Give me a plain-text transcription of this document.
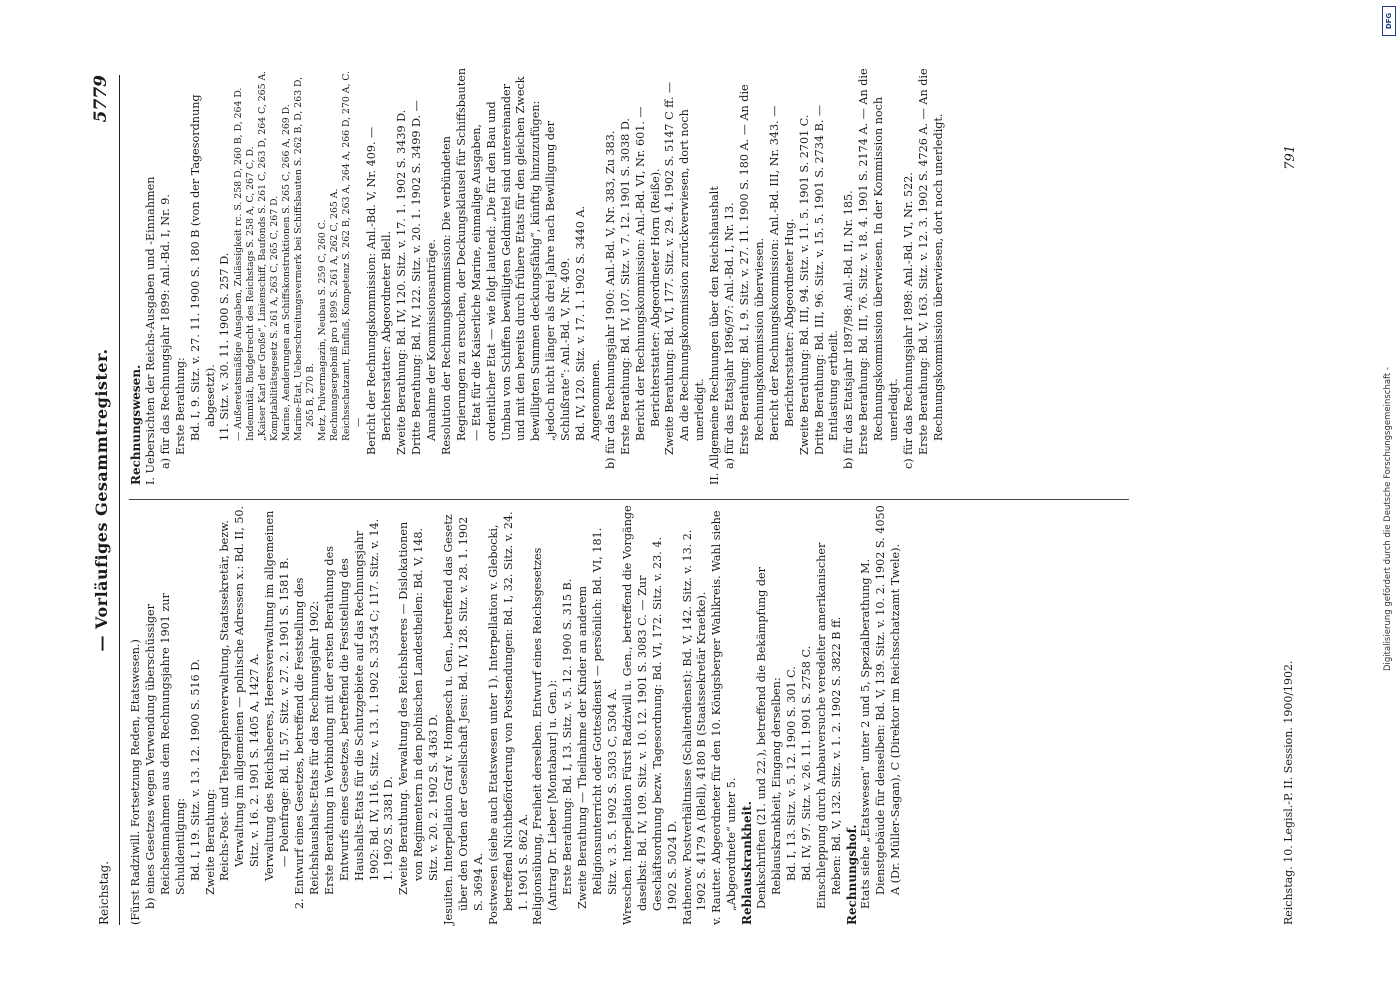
Reichstag.
— Vorläufiges Gesammtregister.
5779

(Fürst Radziwill. Fortsetzung Reden, Etatswesen.) b) eines Gesetzes wegen Verwendung überschüssiger Reichseinnahmen aus dem Rechnungsjahre 1901 zur Schuldentilgung: Bd. I, 19. Sitz. v. 13. 12. 1900 S. 516 D. Zweite Berathung: Reichs-Post- und Telegraphenverwaltung, Staatssekretär, bezw. Verwaltung im allgemeinen — polnische Adressen x.: Bd. II, 50. Sitz. v. 16. 2. 1901 S. 1405 A, 1427 A. Verwaltung des Reichsheeres, Heeresverwaltung im allgemeinen — Polenfrage: Bd. II, 57. Sitz. v. 27. 2. 1901 S. 1581 B. 2. Entwurf eines Gesetzes, betreffend die Feststellung des Reichshaushalts-Etats für das Rechnungsjahr 1902: Erste Berathung in Verbindung mit der ersten Berathung des Entwurfs eines Gesetzes, betreffend die Feststellung des Haushalts-Etats für die Schutzgebiete auf das Rechnungsjahr 1902: Bd. IV, 116. Sitz. v. 13. 1. 1902 S. 3354 C; 117. Sitz. v. 14. 1. 1902 S. 3381 D. Zweite Berathung. Verwaltung des Reichsheeres — Dislokationen von Regimentern in den polnischen Landestheilen: Bd. V, 148. Sitz. v. 20. 2. 1902 S. 4363 D. Jesuiten. Interpellation Graf v. Hompesch u. Gen., betreffend das Gesetz über den Orden der Gesellschaft Jesu: Bd. IV, 128. Sitz. v. 28. 1. 1902 S. 3694 A. Postwesen (siehe auch Etatswesen unter 1). Interpellation v. Glebocki, betreffend Nichtbeförderung von Postsendungen: Bd. I, 32. Sitz. v. 24. 1. 1901 S. 862 A. Religionsübung, Freiheit derselben. Entwurf eines Reichsgesetzes (Antrag Dr. Lieber [Montabaur] u. Gen.): Erste Berathung: Bd. I, 13. Sitz. v. 5. 12. 1900 S. 315 B. Zweite Berathung — Theilnahme der Kinder an anderem Religionsunterricht oder Gottesdienst — persönlich: Bd. VI, 181. Sitz. v. 3. 5. 1902 S. 5303 C, 5304 A. Wreschen. Interpellation Fürst Radziwill u. Gen., betreffend die Vorgänge daselbst: Bd. IV, 109. Sitz. v. 10. 12. 1901 S. 3083 C. — Zur Geschäftsordnung bezw. Tagesordnung: Bd. VI, 172. Sitz. v. 23. 4. 1902 S. 5024 D. Rathenow. Postverhältnisse (Schalterdienst): Bd. V, 142. Sitz. v. 13. 2. 1902 S. 4179 A (Blell), 4180 B (Staatssekretär Kraetke). v. Rautter. Abgeordneter für den 10. Königsberger Wahlkreis. Wahl siehe „Abgeordnete“ unter 5. Reblauskrankheit. Denkschriften (21. und 22.), betreffend die Bekämpfung der Reblauskrankheit, Eingang derselben: Bd. I, 13. Sitz. v. 5. 12. 1900 S. 301 C. Bd. IV, 97. Sitz. v. 26. 11. 1901 S. 2758 C. Einschleppung durch Anbauversuche veredelter amerikanischer Reben: Bd. V, 132. Sitz. v. 1. 2. 1902 S. 3822 B ff. Rechnungshof. Etats siehe „Etatswesen“ unter 2 und 5, Spezialberathung M. Dienstgebäude für denselben: Bd. V, 139. Sitz. v. 10. 2. 1902 S. 4050 A (Dr. Müller-Sagan), C (Direktor im Reichsschatzamt Twele).

Rechnungswesen. I. Uebersichten der Reichs-Ausgaben und -Einnahmen a) für das Rechnungsjahr 1899: Anl.-Bd. I, Nr. 9. Erste Berathung: Bd. I, 9. Sitz. v. 27. 11. 1900 S. 180 B (von der Tagesordnung abgesetzt). 11. Sitz. v. 30. 11. 1900 S. 257 D. — Außeretatsmäßige Ausgaben, Zulässigkeit rc. S. 258 D, 260 B, D, 264 D. Indemnität, Budgetrecht des Reichstags S. 258 A, C, 267 C, D. „Kaiser Karl der Große“, Linienschiff, Baufonds S. 261 C, 263 D, 264 C, 265 A. Komptabilitätsgesetz S. 261 A, 263 C, 265 C, 267 D. Marine, Aenderungen an Schiffskonstruktionen S. 265 C, 266 A, 269 D. Marine-Etat, Ueberschreitungsvermerk bei Schiffsbauten S. 262 B, D, 263 D, 265 B, 270 B. Metz, Pulvermagazin, Neubau S. 259 C, 260 C. Rechnungsergebniß pro 1899 S. 261 A, 262 C, 265 A. Reichsschatzamt, Einfluß, Kompetenz S. 262 B, 263 A, 264 A, 266 D, 270 A, C. — Bericht der Rechnungskommission: Anl.-Bd. V, Nr. 409. — Berichterstatter: Abgeordneter Blell. Zweite Berathung: Bd. IV, 120. Sitz. v. 17. 1. 1902 S. 3439 D. Dritte Berathung: Bd. IV, 122. Sitz. v. 20. 1. 1902 S. 3499 D. — Annahme der Kommissionsanträge. Resolution der Rechnungskommission: Die verbündeten Regierungen zu ersuchen, der Deckungsklausel für Schiffsbauten — Etat für die Kaiserliche Marine, einmalige Ausgaben, ordentlicher Etat — wie folgt lautend: „Die für den Bau und Umbau von Schiffen bewilligten Geldmittel sind untereinander und mit den bereits durch frühere Etats für den gleichen Zweck bewilligten Summen deckungsfähig“, künftig hinzuzufügen: „jedoch nicht länger als drei Jahre nach Bewilligung der Schlußrate“: Anl.-Bd. V, Nr. 409. Bd. IV, 120. Sitz. v. 17. 1. 1902 S. 3440 A. Angenommen. b) für das Rechnungsjahr 1900: Anl.-Bd. V, Nr. 383, Zu 383. Erste Berathung: Bd. IV, 107. Sitz. v. 7. 12. 1901 S. 3038 D. Bericht der Rechnungskommission: Anl.-Bd. VI, Nr. 601. — Berichterstatter: Abgeordneter Horn (Reiße). Zweite Berathung: Bd. VI, 177. Sitz. v. 29. 4. 1902 S. 5147 C ff. — An die Rechnungskommission zurückverwiesen, dort noch unerledigt. II. Allgemeine Rechnungen über den Reichshaushalt a) für das Etatsjahr 1896/97: Anl.-Bd. I, Nr. 13. Erste Berathung: Bd. I, 9. Sitz. v. 27. 11. 1900 S. 180 A. — An die Rechnungskommission überwiesen. Bericht der Rechnungskommission: Anl.-Bd. III, Nr. 343. — Berichterstatter: Abgeordneter Hug. Zweite Berathung: Bd. III, 94. Sitz. v. 11. 5. 1901 S. 2701 C. Dritte Berathung: Bd. III, 96. Sitz. v. 15. 5. 1901 S. 2734 B. — Entlastung ertheilt. b) für das Etatsjahr 1897/98: Anl.-Bd. II, Nr. 185. Erste Berathung: Bd. III, 76. Sitz. v. 18. 4. 1901 S. 2174 A. — An die Rechnungskommission überwiesen. In der Kommission noch unerledigt. c) für das Rechnungsjahr 1898: Anl.-Bd. VI, Nr. 522. Erste Berathung: Bd. V, 163. Sitz. v. 12. 3. 1902 S. 4726 A. — An die Rechnungskommission überwiesen, dort noch unerledigt.

Reichstag. 10. Legisl.-P. II. Session. 1900/1902.
791
DFG
Digitalisierung gefördert durch die Deutsche Forschungsgemeinschaft -
